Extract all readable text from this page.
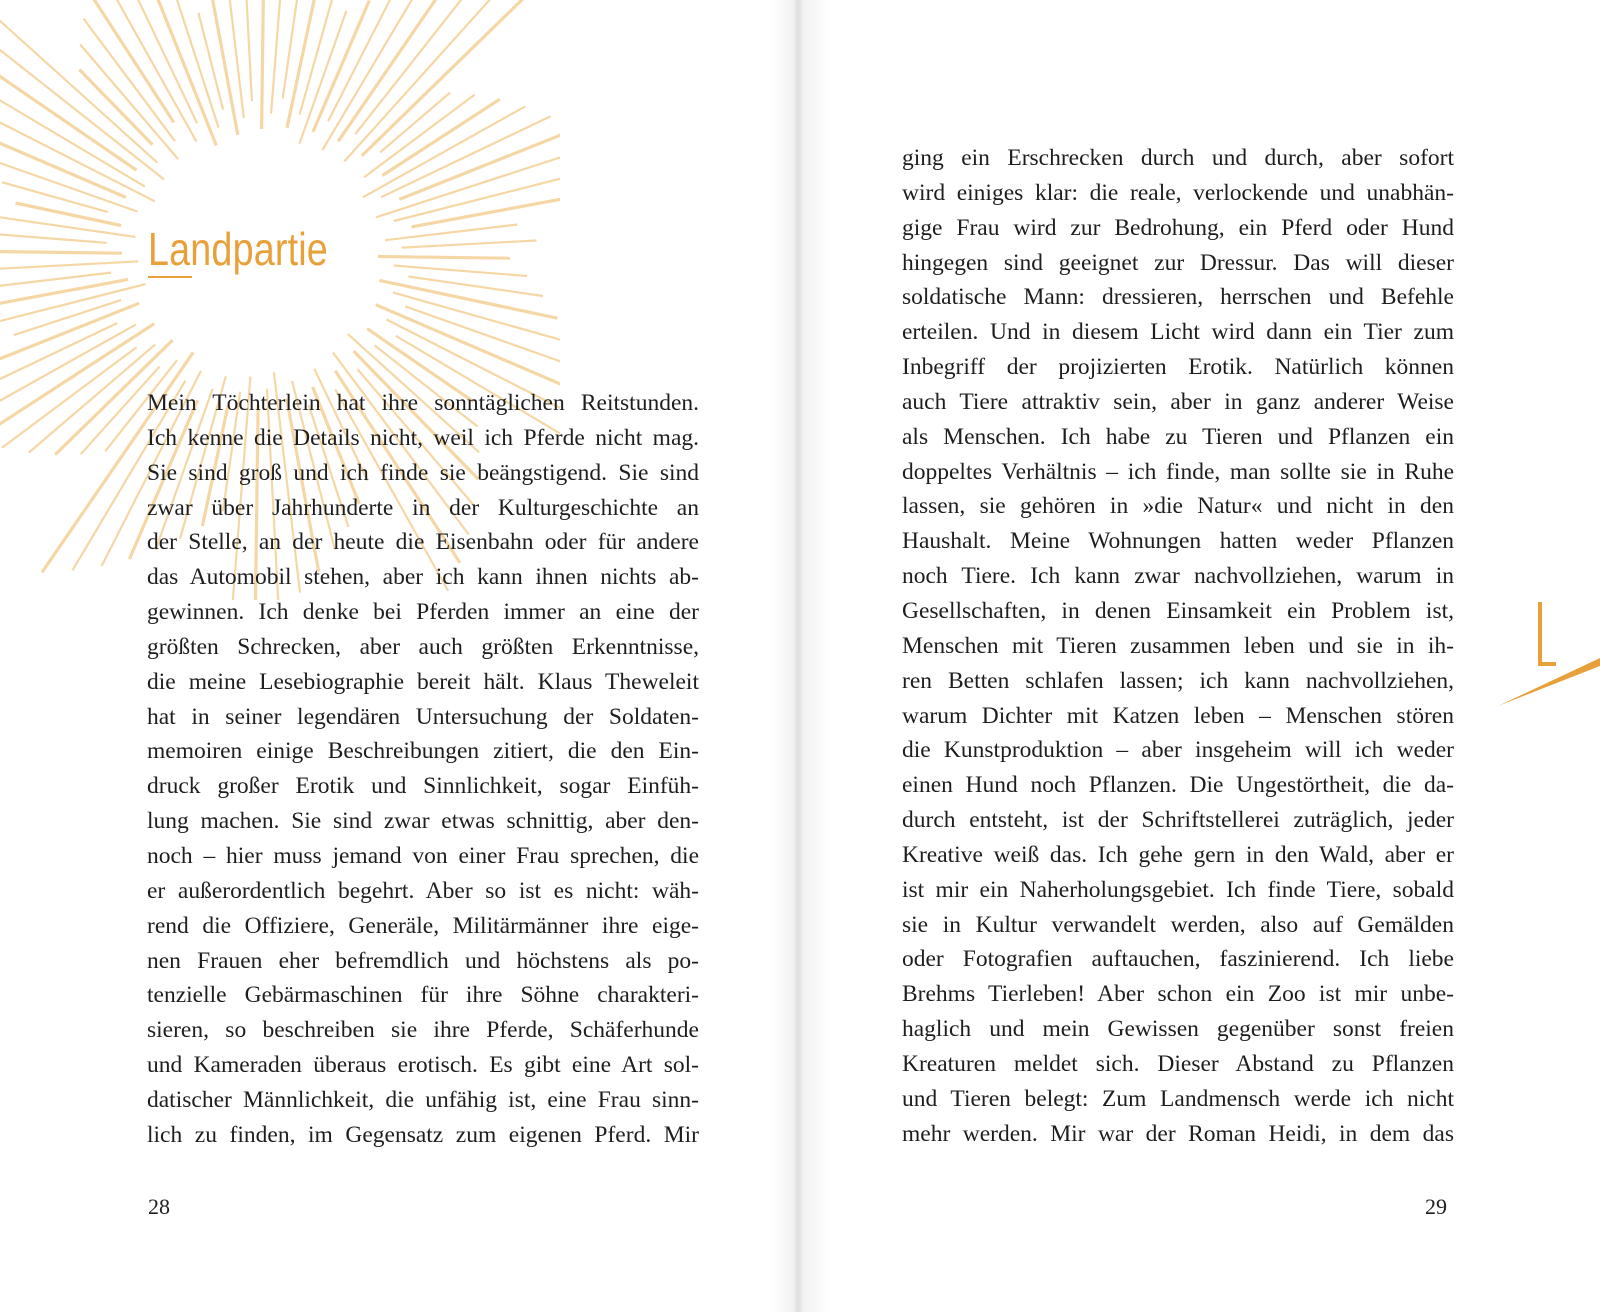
Landpartie
Mein Töchterlein hat ihre sonntäglichen Reitstunden.
Ich kenne die Details nicht, weil ich Pferde nicht mag.
Sie sind groß und ich finde sie beängstigend. Sie sind
zwar über Jahrhunderte in der Kulturgeschichte an
der Stelle, an der heute die Eisenbahn oder für andere
das Automobil stehen, aber ich kann ihnen nichts ab-
gewinnen. Ich denke bei Pferden immer an eine der
größten Schrecken, aber auch größten Erkenntnisse,
die meine Lesebiographie bereit hält. Klaus Theweleit
hat in seiner legendären Untersuchung der Soldaten-
memoiren einige Beschreibungen zitiert, die den Ein-
druck großer Erotik und Sinnlichkeit, sogar Einfüh-
lung machen. Sie sind zwar etwas schnittig, aber den-
noch – hier muss jemand von einer Frau sprechen, die
er außerordentlich begehrt. Aber so ist es nicht: wäh-
rend die Offiziere, Generäle, Militärmänner ihre eige-
nen Frauen eher befremdlich und höchstens als po-
tenzielle Gebärmaschinen für ihre Söhne charakteri-
sieren, so beschreiben sie ihre Pferde, Schäferhunde
und Kameraden überaus erotisch. Es gibt eine Art sol-
datischer Männlichkeit, die unfähig ist, eine Frau sinn-
lich zu finden, im Gegensatz zum eigenen Pferd. Mir
28
ging ein Erschrecken durch und durch, aber sofort
wird einiges klar: die reale, verlockende und unabhän-
gige Frau wird zur Bedrohung, ein Pferd oder Hund
hingegen sind geeignet zur Dressur. Das will dieser
soldatische Mann: dressieren, herrschen und Befehle
erteilen. Und in diesem Licht wird dann ein Tier zum
Inbegriff der projizierten Erotik. Natürlich können
auch Tiere attraktiv sein, aber in ganz anderer Weise
als Menschen. Ich habe zu Tieren und Pflanzen ein
doppeltes Verhältnis – ich finde, man sollte sie in Ruhe
lassen, sie gehören in »die Natur« und nicht in den
Haushalt. Meine Wohnungen hatten weder Pflanzen
noch Tiere. Ich kann zwar nachvollziehen, warum in
Gesellschaften, in denen Einsamkeit ein Problem ist,
Menschen mit Tieren zusammen leben und sie in ih-
ren Betten schlafen lassen; ich kann nachvollziehen,
warum Dichter mit Katzen leben – Menschen stören
die Kunstproduktion – aber insgeheim will ich weder
einen Hund noch Pflanzen. Die Ungestörtheit, die da-
durch entsteht, ist der Schriftstellerei zuträglich, jeder
Kreative weiß das. Ich gehe gern in den Wald, aber er
ist mir ein Naherholungsgebiet. Ich finde Tiere, sobald
sie in Kultur verwandelt werden, also auf Gemälden
oder Fotografien auftauchen, faszinierend. Ich liebe
Brehms Tierleben! Aber schon ein Zoo ist mir unbe-
haglich und mein Gewissen gegenüber sonst freien
Kreaturen meldet sich. Dieser Abstand zu Pflanzen
und Tieren belegt: Zum Landmensch werde ich nicht
mehr werden. Mir war der Roman Heidi, in dem das
29
